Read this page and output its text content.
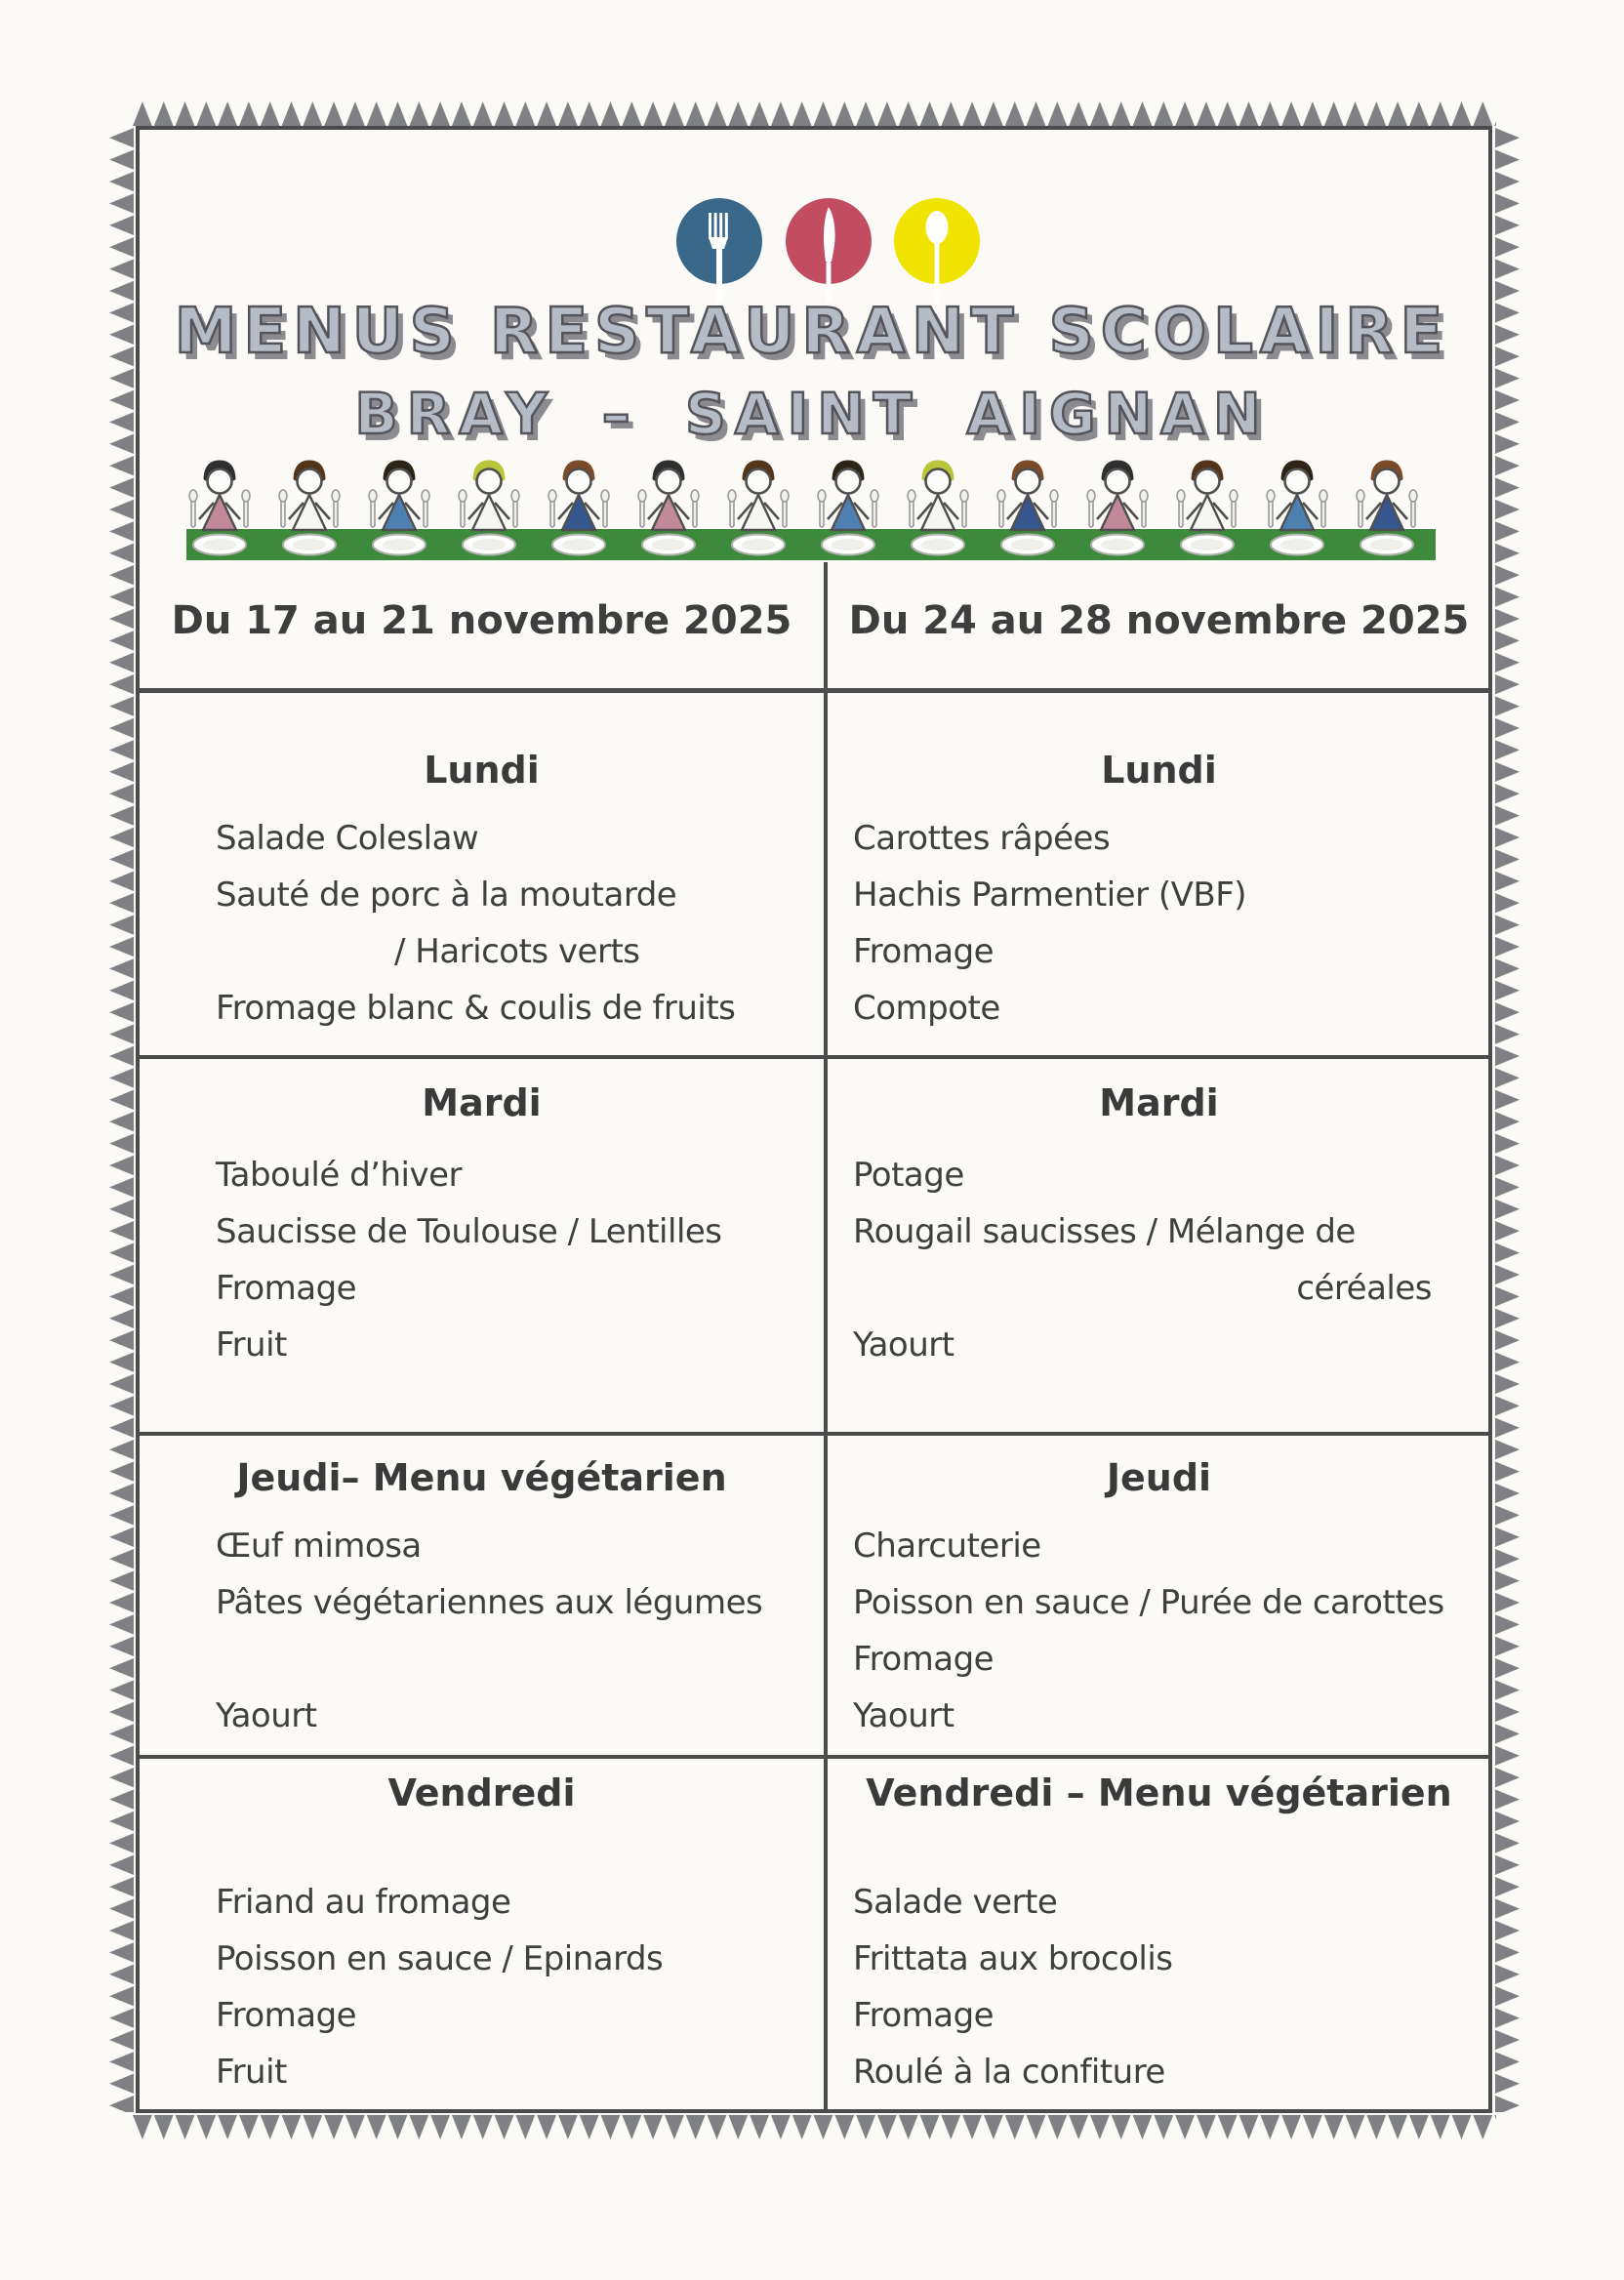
MENUS RESTAURANT SCOLAIRE
BRAY – SAINT AIGNAN
Du 17 au 21 novembre 2025	Du 24 au 28 novembre 2025
Lundi
Salade Coleslaw
Sauté de porc à la moutarde
/ Haricots verts
Fromage blanc & coulis de fruits
Mardi
Taboulé d’hiver
Saucisse de Toulouse / Lentilles
Fromage
Fruit
Jeudi– Menu végétarien
Œuf mimosa
Pâtes végétariennes aux légumes
Yaourt
Vendredi
Friand au fromage
Poisson en sauce / Epinards
Fromage
Fruit
Lundi
Carottes râpées
Hachis Parmentier (VBF)
Fromage
Compote
Mardi
Potage
Rougail saucisses / Mélange de
céréales
Yaourt
Jeudi
Charcuterie
Poisson en sauce / Purée de carottes
Fromage
Yaourt
Vendredi – Menu végétarien
Salade verte
Frittata aux brocolis
Fromage
Roulé à la confiture
